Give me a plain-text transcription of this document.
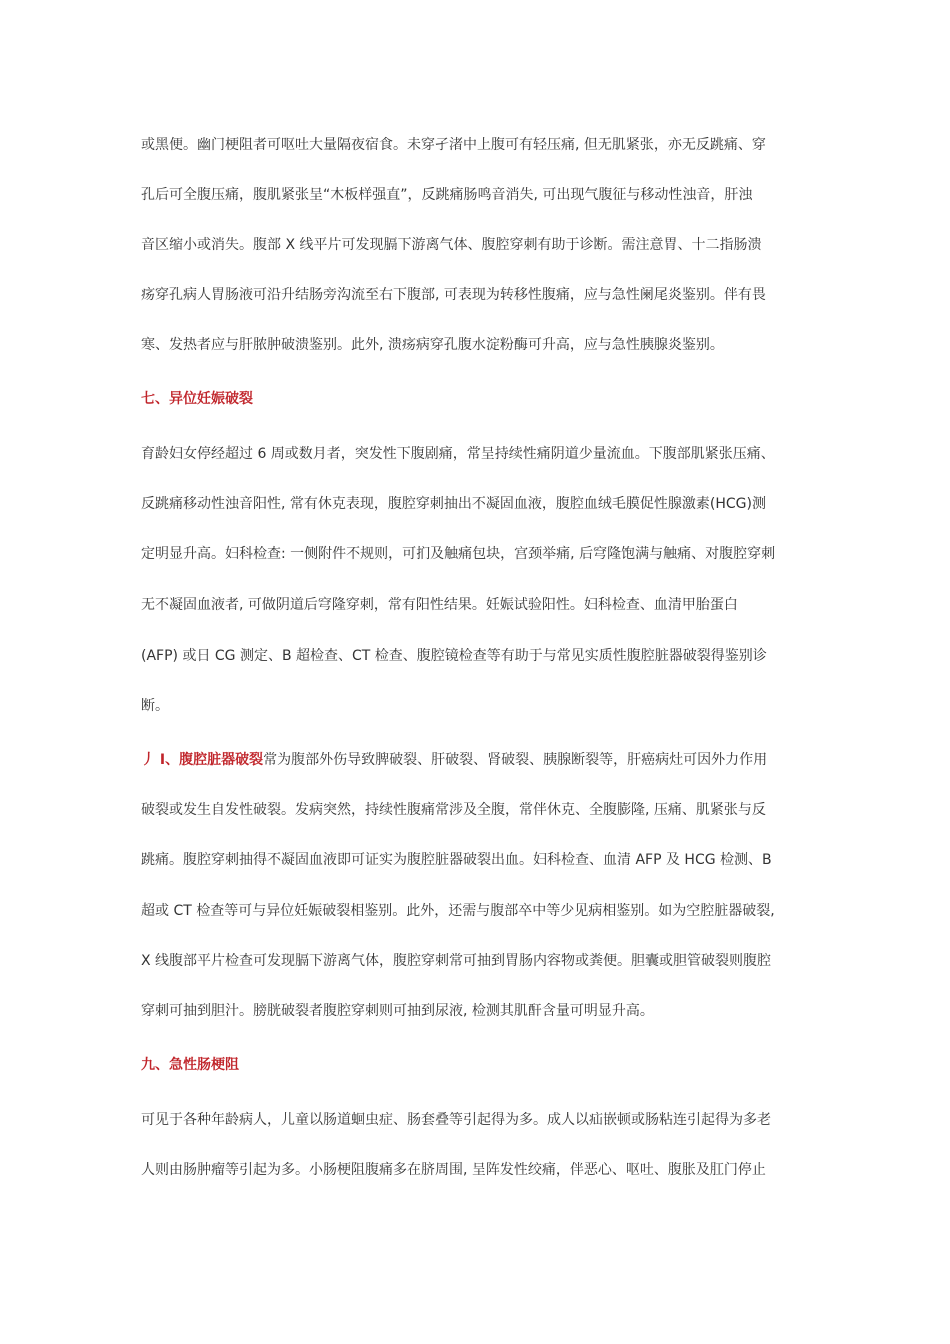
或黑便。幽门梗阻者可呕吐大量隔夜宿食。未穿孑渚中上腹可有轻压痛, 但无肌紧张，亦无反跳痛、穿
孔后可全腹压痛，腹肌紧张呈“木板样强直”，反跳痛肠鸣音消失, 可出现气腹征与移动性浊音，肝浊
音区缩小或消失。腹部 X 线平片可发现膈下游离气体、腹腔穿刺有助于诊断。需注意胃、十二指肠溃
疡穿孔病人胃肠液可沿升结肠旁沟流至右下腹部, 可表现为转移性腹痛，应与急性阑尾炎鉴别。伴有畏
寒、发热者应与肝脓肿破溃鉴别。此外, 溃疡病穿孔腹水淀粉酶可升高，应与急性胰腺炎鉴别。
七、异位妊娠破裂
育龄妇女停经超过 6 周或数月者，突发性下腹剧痛，常呈持续性痛阴道少量流血。下腹部肌紧张压痛、
反跳痛移动性浊音阳性, 常有休克表现，腹腔穿刺抽出不凝固血液，腹腔血绒毛膜促性腺激素(HCG)测
定明显升高。妇科检查: 一侧附件不规则，可扪及触痛包块，宫颈举痛, 后穹隆饱满与触痛、对腹腔穿刺
无不凝固血液者, 可做阴道后穹隆穿刺，常有阳性结果。妊娠试验阳性。妇科检查、血清甲胎蛋白
(AFP) 或日 CG 测定、B 超检查、CT 检查、腹腔镜检查等有助于与常见实质性腹腔脏器破裂得鉴别诊
断。
丿 I、腹腔脏器破裂常为腹部外伤导致脾破裂、肝破裂、肾破裂、胰腺断裂等，肝癌病灶可因外力作用
破裂或发生自发性破裂。发病突然，持续性腹痛常涉及全腹，常伴休克、全腹膨隆, 压痛、肌紧张与反
跳痛。腹腔穿刺抽得不凝固血液即可证实为腹腔脏器破裂出血。妇科检查、血清 AFP 及 HCG 检测、B
超或 CT 检查等可与异位妊娠破裂相鉴别。此外，还需与腹部卒中等少见病相鉴别。如为空腔脏器破裂,
X 线腹部平片检查可发现膈下游离气体，腹腔穿刺常可抽到胃肠内容物或粪便。胆囊或胆管破裂则腹腔
穿刺可抽到胆汁。膀胱破裂者腹腔穿刺则可抽到尿液, 检测其肌酐含量可明显升高。
九、急性肠梗阻
可见于各种年龄病人，儿童以肠道蛔虫症、肠套叠等引起得为多。成人以疝嵌顿或肠粘连引起得为多老
人则由肠肿瘤等引起为多。小肠梗阻腹痛多在脐周围, 呈阵发性绞痛，伴恶心、呕吐、腹胀及肛门停止
